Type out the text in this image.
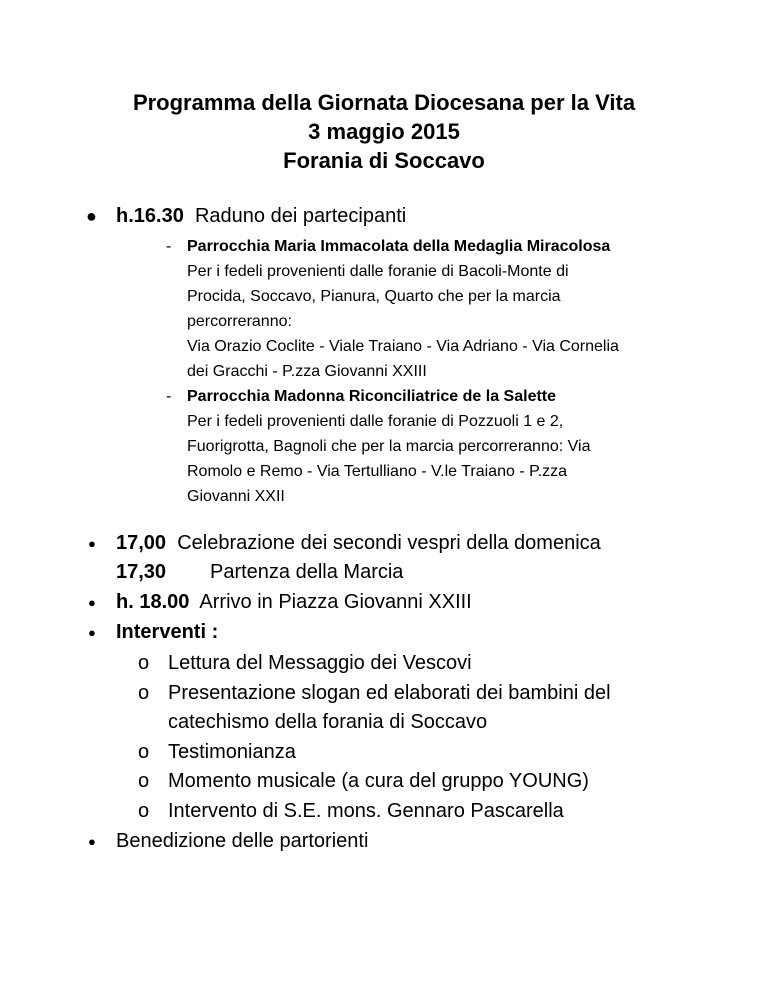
Programma della Giornata Diocesana per la Vita
3 maggio 2015
Forania di Soccavo
● h.16.30 Raduno dei partecipanti
- Parrocchia Maria Immacolata della Medaglia Miracolosa
Per i fedeli provenienti dalle foranie di Bacoli-Monte di
Procida, Soccavo, Pianura, Quarto che per la marcia
percorreranno:
Via Orazio Coclite - Viale Traiano - Via Adriano - Via Cornelia
dei Gracchi - P.zza Giovanni XXIII
- Parrocchia Madonna Riconciliatrice de la Salette
Per i fedeli provenienti dalle foranie di Pozzuoli 1 e 2,
Fuorigrotta, Bagnoli che per la marcia percorreranno: Via
Romolo e Remo - Via Tertulliano - V.le Traiano - P.zza
Giovanni XXII
● 17,00 Celebrazione dei secondi vespri della domenica
17,30 Partenza della Marcia
● h. 18.00 Arrivo in Piazza Giovanni XXIII
● Interventi :
o Lettura del Messaggio dei Vescovi
o Presentazione slogan ed elaborati dei bambini del
catechismo della forania di Soccavo
o Testimonianza
o Momento musicale (a cura del gruppo YOUNG)
o Intervento di S.E. mons. Gennaro Pascarella
● Benedizione delle partorienti
